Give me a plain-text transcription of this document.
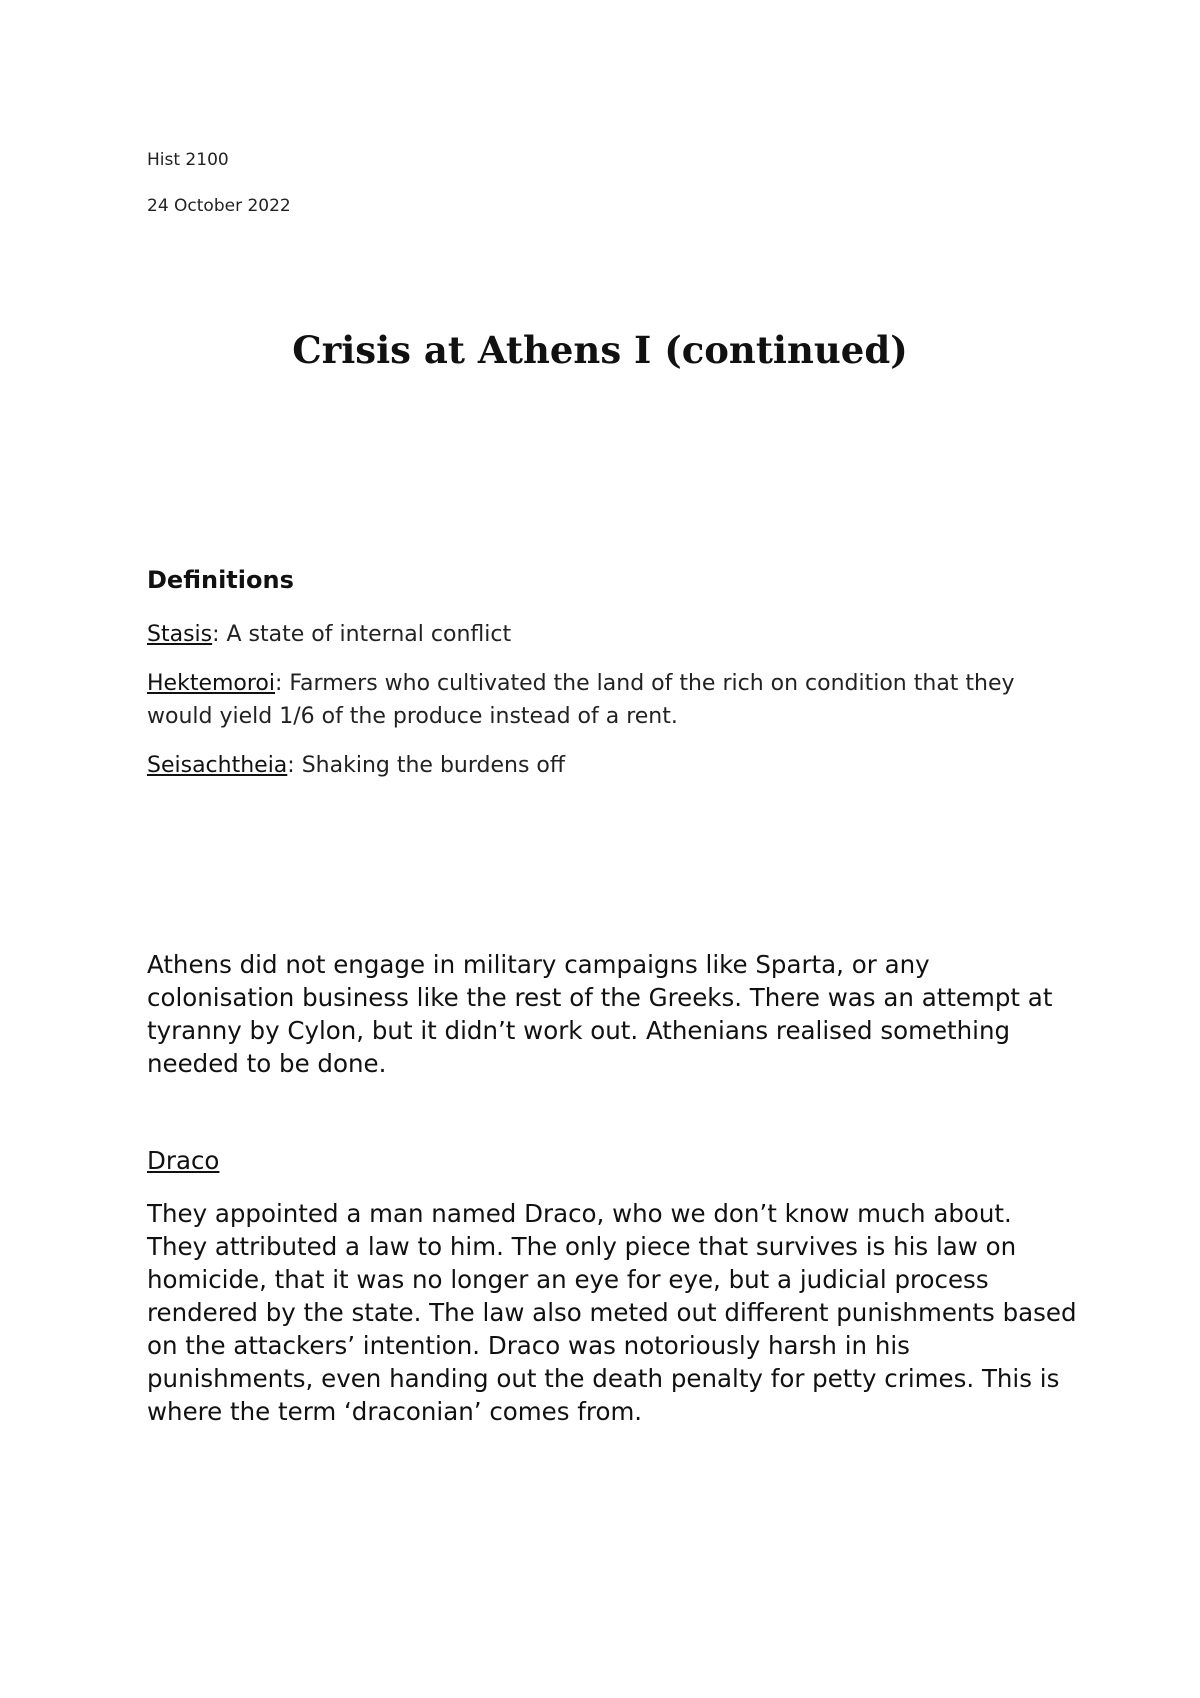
Hist 2100

24 October 2022

Crisis at Athens I (continued)
Definitions
Stasis: A state of internal conflict
Hektemoroi: Farmers who cultivated the land of the rich on condition that they would yield 1/6 of the produce instead of a rent.
Seisachtheia: Shaking the burdens off

Athens did not engage in military campaigns like Sparta, or any colonisation business like the rest of the Greeks. There was an attempt at tyranny by Cylon, but it didn’t work out. Athenians realised something needed to be done.

Draco

They appointed a man named Draco, who we don’t know much about. They attributed a law to him. The only piece that survives is his law on homicide, that it was no longer an eye for eye, but a judicial process rendered by the state. The law also meted out different punishments based on the attackers’ intention. Draco was notoriously harsh in his punishments, even handing out the death penalty for petty crimes. This is where the term ‘draconian’ comes from.
